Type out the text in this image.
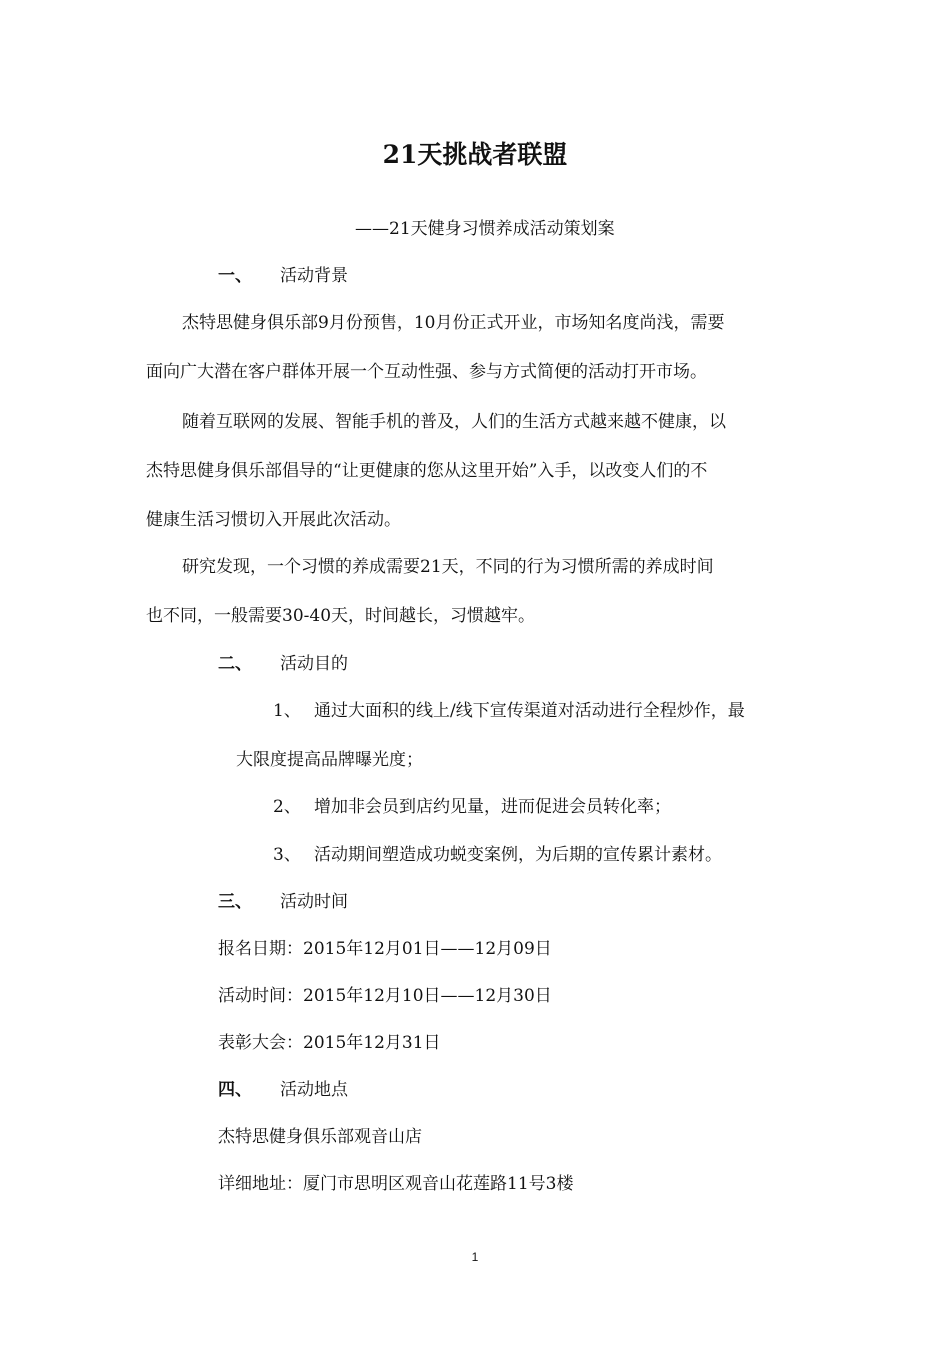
21天挑战者联盟
——21天健身习惯养成活动策划案
一、 活动背景
杰特思健身俱乐部9月份预售，10月份正式开业，市场知名度尚浅，需要
面向广大潜在客户群体开展一个互动性强、参与方式简便的活动打开市场。
随着互联网的发展、智能手机的普及，人们的生活方式越来越不健康，以
杰特思健身俱乐部倡导的“让更健康的您从这里开始”入手，以改变人们的不
健康生活习惯切入开展此次活动。
研究发现，一个习惯的养成需要21天，不同的行为习惯所需的养成时间
也不同，一般需要30-40天，时间越长，习惯越牢。
二、 活动目的
1、 通过大面积的线上/线下宣传渠道对活动进行全程炒作，最
大限度提高品牌曝光度；
2、 增加非会员到店约见量，进而促进会员转化率；
3、 活动期间塑造成功蜕变案例，为后期的宣传累计素材。
三、 活动时间
报名日期：2015年12月01日——12月09日
活动时间：2015年12月10日——12月30日
表彰大会：2015年12月31日
四、 活动地点
杰特思健身俱乐部观音山店
详细地址：厦门市思明区观音山花莲路11号3楼
1
